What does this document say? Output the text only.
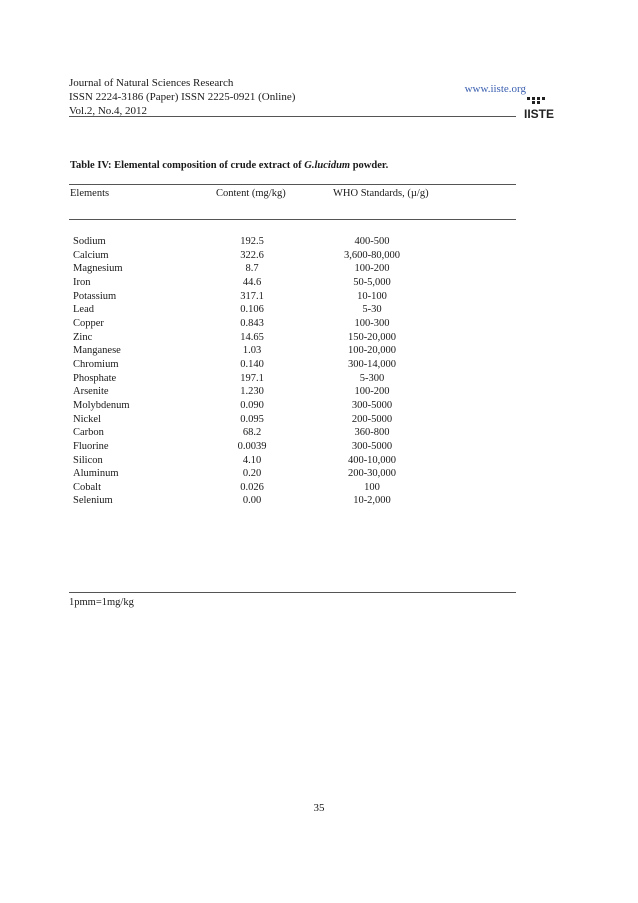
Journal of Natural Sciences Research
ISSN 2224-3186 (Paper) ISSN 2225-0921 (Online)
Vol.2, No.4, 2012
www.iiste.org
IISTE
Table IV: Elemental composition of crude extract of G.lucidum powder.
Elements	Content (mg/kg)	WHO Standards, (µ/g)
Sodium	192.5	400-500
Calcium	322.6	3,600-80,000
Magnesium	8.7	100-200
Iron	44.6	50-5,000
Potassium	317.1	10-100
Lead	0.106	5-30
Copper	0.843	100-300
Zinc	14.65	150-20,000
Manganese	1.03	100-20,000
Chromium	0.140	300-14,000
Phosphate	197.1	5-300
Arsenite	1.230	100-200
Molybdenum	0.090	300-5000
Nickel	0.095	200-5000
Carbon	68.2	360-800
Fluorine	0.0039	300-5000
Silicon	4.10	400-10,000
Aluminum	0.20	200-30,000
Cobalt	0.026	100
Selenium	0.00	10-2,000
1pmm=1mg/kg
35
